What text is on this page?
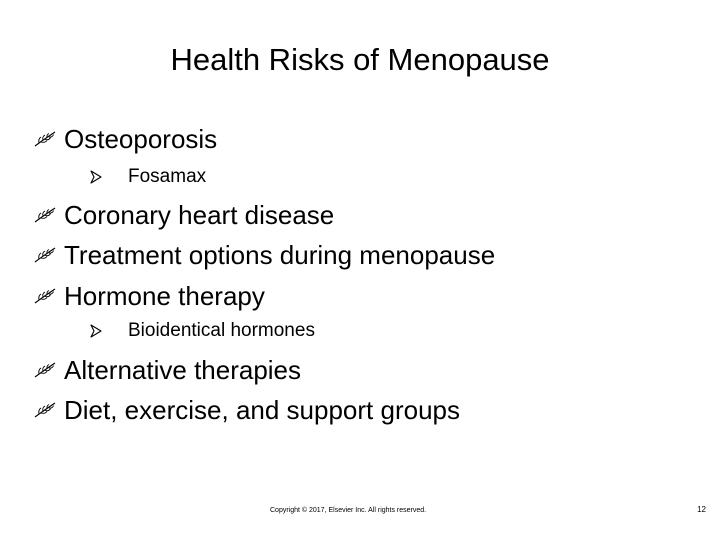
Health Risks of Menopause
Osteoporosis
Fosamax
Coronary heart disease
Treatment options during menopause
Hormone therapy
Bioidentical hormones
Alternative therapies
Diet, exercise, and support groups
Copyright © 2017, Elsevier Inc. All rights reserved.	12
